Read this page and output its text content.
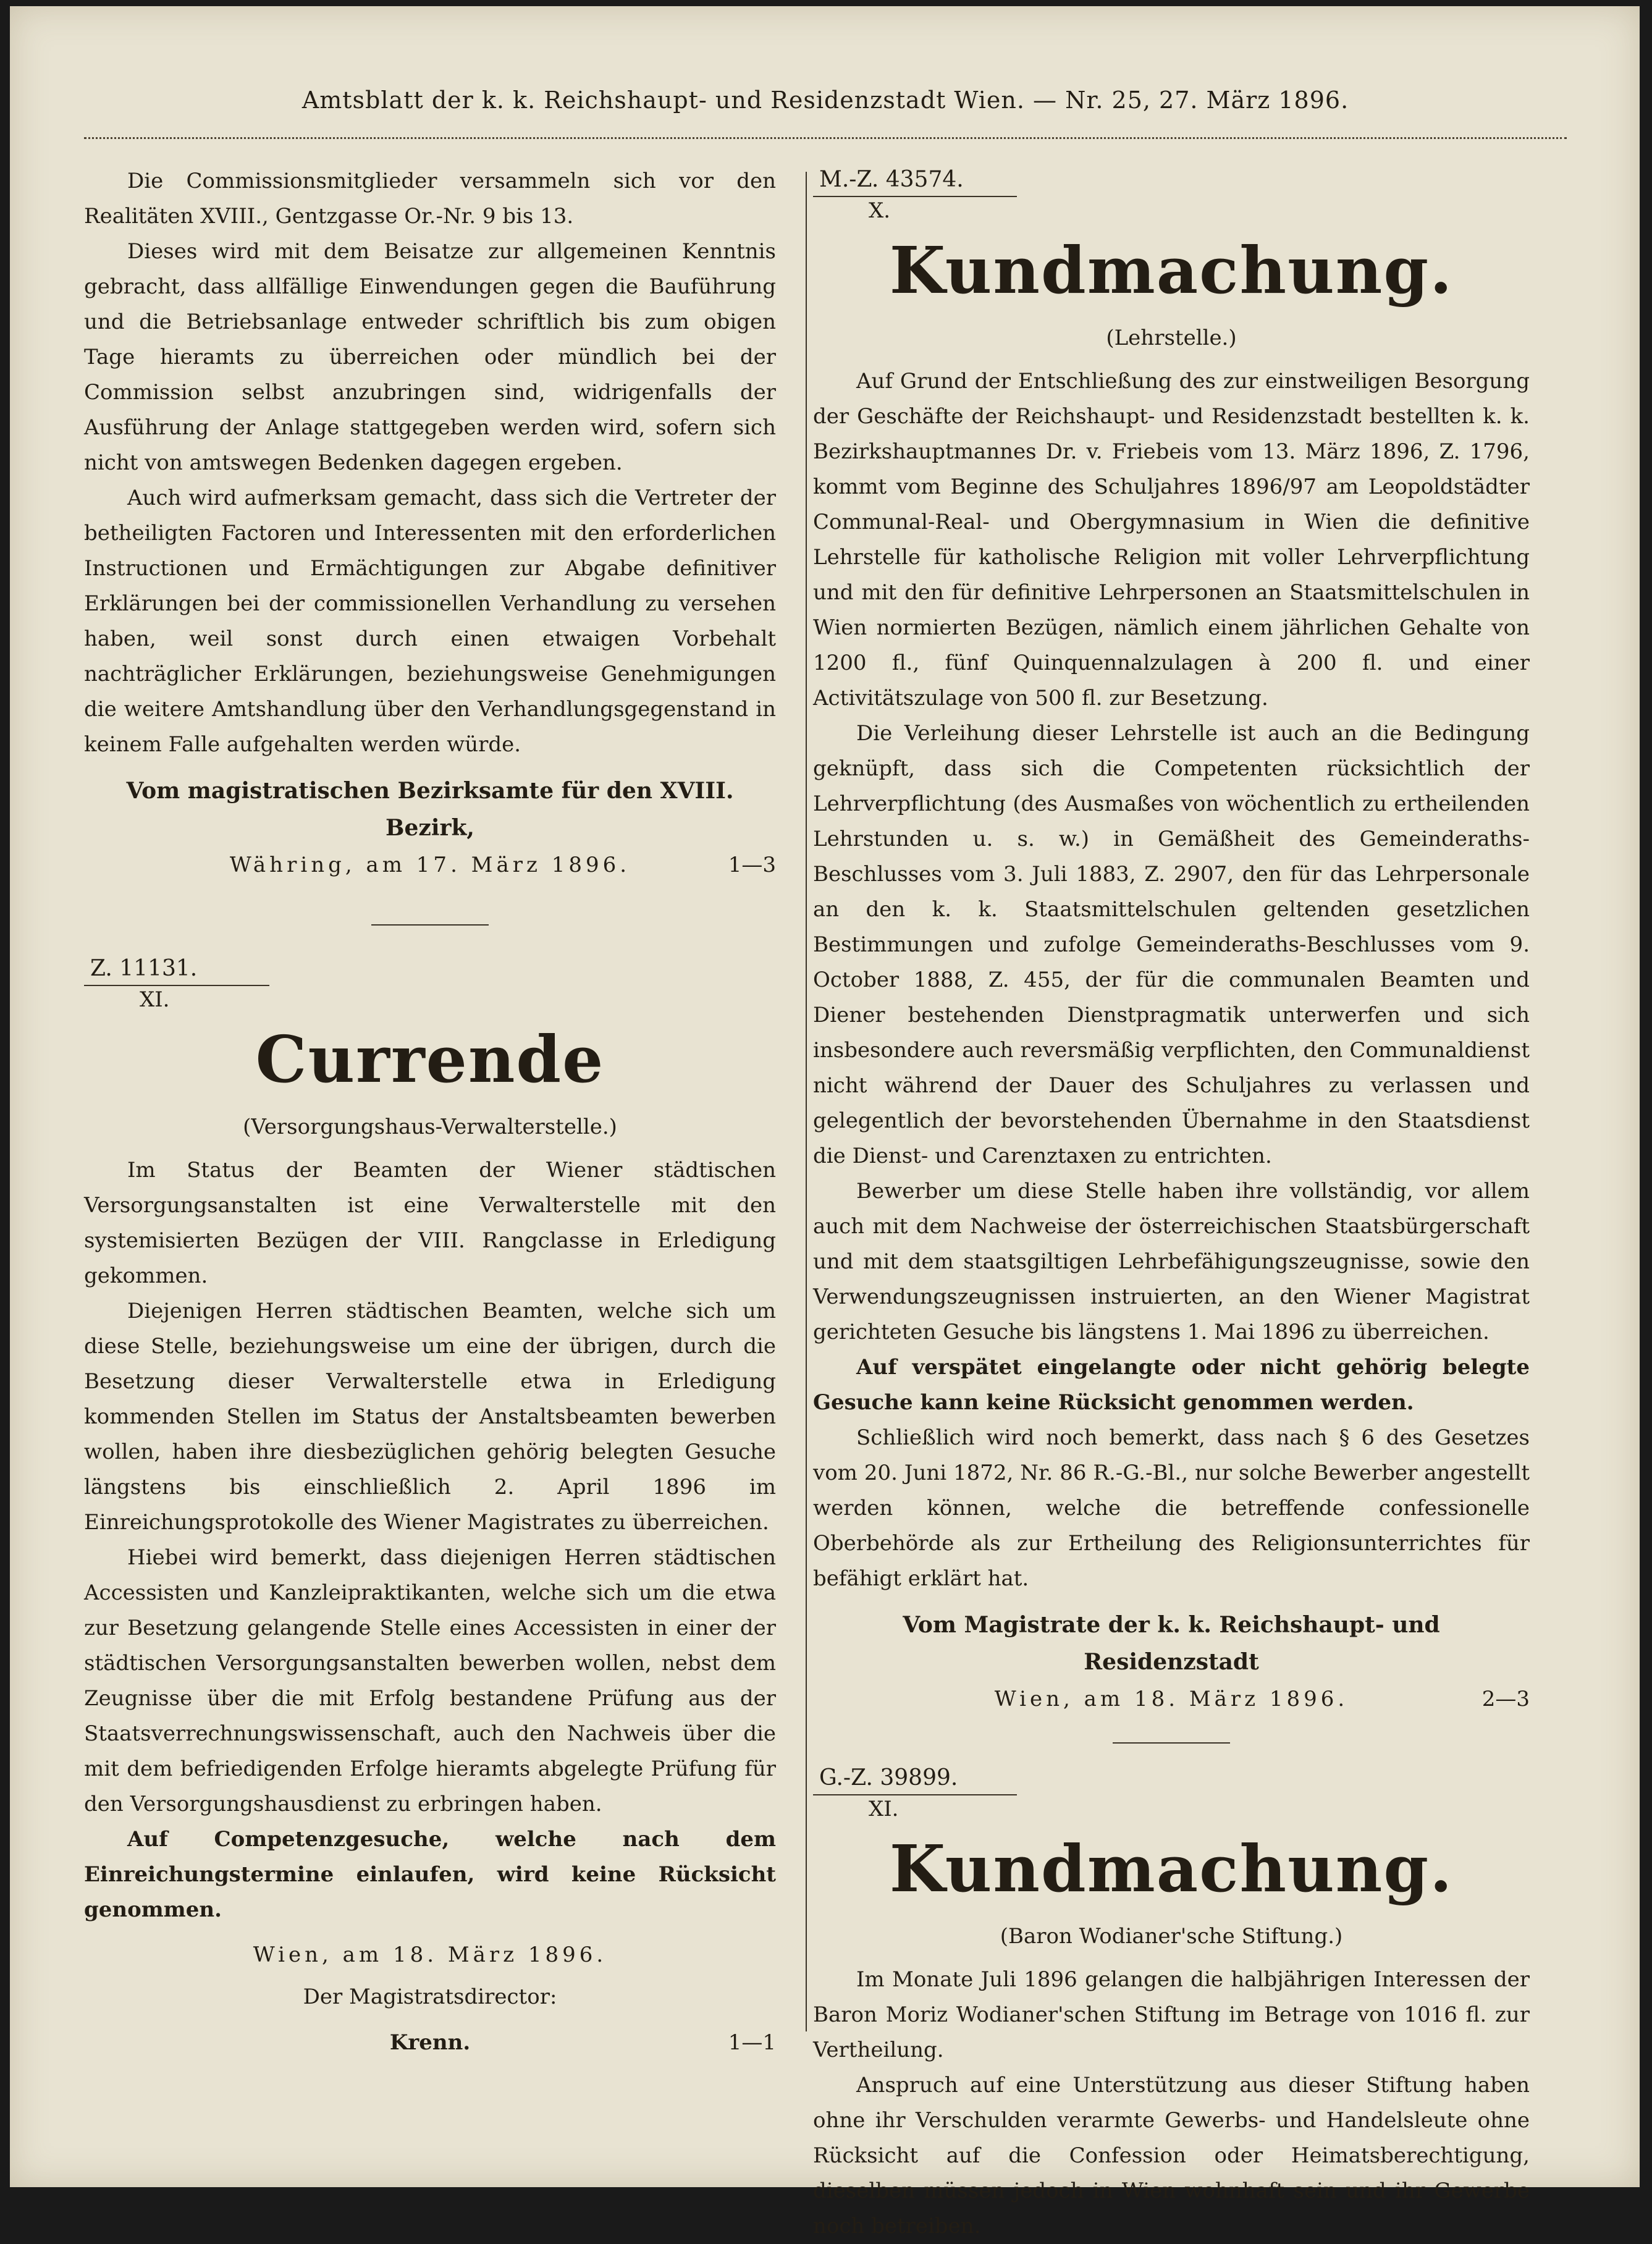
Amtsblatt der k. k. Reichshaupt- und Residenzstadt Wien. — Nr. 25, 27. März 1896.

Die Commissionsmitglieder versammeln sich vor den Realitäten XVIII., Gentzgasse Or.-Nr. 9 bis 13.

Dieses wird mit dem Beisatze zur allgemeinen Kenntnis gebracht, dass allfällige Einwendungen gegen die Bauführung und die Betriebsanlage entweder schriftlich bis zum obigen Tage hieramts zu überreichen oder mündlich bei der Commission selbst anzubringen sind, widrigenfalls der Ausführung der Anlage stattgegeben werden wird, sofern sich nicht von amtswegen Bedenken dagegen ergeben.

Auch wird aufmerksam gemacht, dass sich die Vertreter der betheiligten Factoren und Interessenten mit den erforderlichen Instructionen und Ermächtigungen zur Abgabe definitiver Erklärungen bei der commissionellen Verhandlung zu versehen haben, weil sonst durch einen etwaigen Vorbehalt nachträglicher Erklärungen, beziehungsweise Genehmigungen die weitere Amtshandlung über den Verhandlungsgegenstand in keinem Falle aufgehalten werden würde.

Vom magistratischen Bezirksamte für den XVIII. Bezirk,
Währing, am 17. März 1896.	1—3
Z. 11131.
XI.
Currende
(Versorgungshaus-Verwalterstelle.)

Im Status der Beamten der Wiener städtischen Versorgungsanstalten ist eine Verwalterstelle mit den systemisierten Bezügen der VIII. Rangclasse in Erledigung gekommen.

Diejenigen Herren städtischen Beamten, welche sich um diese Stelle, beziehungsweise um eine der übrigen, durch die Besetzung dieser Verwalterstelle etwa in Erledigung kommenden Stellen im Status der Anstaltsbeamten bewerben wollen, haben ihre diesbezüglichen gehörig belegten Gesuche längstens bis einschließlich 2. April 1896 im Einreichungsprotokolle des Wiener Magistrates zu überreichen.

Hiebei wird bemerkt, dass diejenigen Herren städtischen Accessisten und Kanzleipraktikanten, welche sich um die etwa zur Besetzung gelangende Stelle eines Accessisten in einer der städtischen Versorgungsanstalten bewerben wollen, nebst dem Zeugnisse über die mit Erfolg bestandene Prüfung aus der Staatsverrechnungswissenschaft, auch den Nachweis über die mit dem befriedigenden Erfolge hieramts abgelegte Prüfung für den Versorgungshausdienst zu erbringen haben.

Auf Competenzgesuche, welche nach dem Einreichungstermine einlaufen, wird keine Rücksicht genommen.

Wien, am 18. März 1896.
Der Magistratsdirector:
Krenn.	1—1
M.-Z. 43574.
X.
Kundmachung.
(Lehrstelle.)

Auf Grund der Entschließung des zur einstweiligen Besorgung der Geschäfte der Reichshaupt- und Residenzstadt bestellten k. k. Bezirkshauptmannes Dr. v. Friebeis vom 13. März 1896, Z. 1796, kommt vom Beginne des Schuljahres 1896/97 am Leopoldstädter Communal-Real- und Obergymnasium in Wien die definitive Lehrstelle für katholische Religion mit voller Lehrverpflichtung und mit den für definitive Lehrpersonen an Staatsmittelschulen in Wien normierten Bezügen, nämlich einem jährlichen Gehalte von 1200 fl., fünf Quinquennalzulagen à 200 fl. und einer Activitätszulage von 500 fl. zur Besetzung.

Die Verleihung dieser Lehrstelle ist auch an die Bedingung geknüpft, dass sich die Competenten rücksichtlich der Lehrverpflichtung (des Ausmaßes von wöchentlich zu ertheilenden Lehrstunden u. s. w.) in Gemäßheit des Gemeinderaths-Beschlusses vom 3. Juli 1883, Z. 2907, den für das Lehrpersonale an den k. k. Staatsmittelschulen geltenden gesetzlichen Bestimmungen und zufolge Gemeinderaths-Beschlusses vom 9. October 1888, Z. 455, der für die communalen Beamten und Diener bestehenden Dienstpragmatik unterwerfen und sich insbesondere auch reversmäßig verpflichten, den Communaldienst nicht während der Dauer des Schuljahres zu verlassen und gelegentlich der bevorstehenden Übernahme in den Staatsdienst die Dienst- und Carenztaxen zu entrichten.

Bewerber um diese Stelle haben ihre vollständig, vor allem auch mit dem Nachweise der österreichischen Staatsbürgerschaft und mit dem staatsgiltigen Lehrbefähigungszeugnisse, sowie den Verwendungszeugnissen instruierten, an den Wiener Magistrat gerichteten Gesuche bis längstens 1. Mai 1896 zu überreichen.

Auf verspätet eingelangte oder nicht gehörig belegte Gesuche kann keine Rücksicht genommen werden.

Schließlich wird noch bemerkt, dass nach § 6 des Gesetzes vom 20. Juni 1872, Nr. 86 R.-G.-Bl., nur solche Bewerber angestellt werden können, welche die betreffende confessionelle Oberbehörde als zur Ertheilung des Religionsunterrichtes für befähigt erklärt hat.

Vom Magistrate der k. k. Reichshaupt- und Residenzstadt
Wien, am 18. März 1896.	2—3
G.-Z. 39899.
XI.
Kundmachung.
(Baron Wodianer'sche Stiftung.)

Im Monate Juli 1896 gelangen die halbjährigen Interessen der Baron Moriz Wodianer'schen Stiftung im Betrage von 1016 fl. zur Vertheilung.

Anspruch auf eine Unterstützung aus dieser Stiftung haben ohne ihr Verschulden verarmte Gewerbs- und Handelsleute ohne Rücksicht auf die Confession oder Heimatsberechtigung, dieselben müssen jedoch in Wien wohnhaft sein und ihr Gewerbe noch betreiben.
